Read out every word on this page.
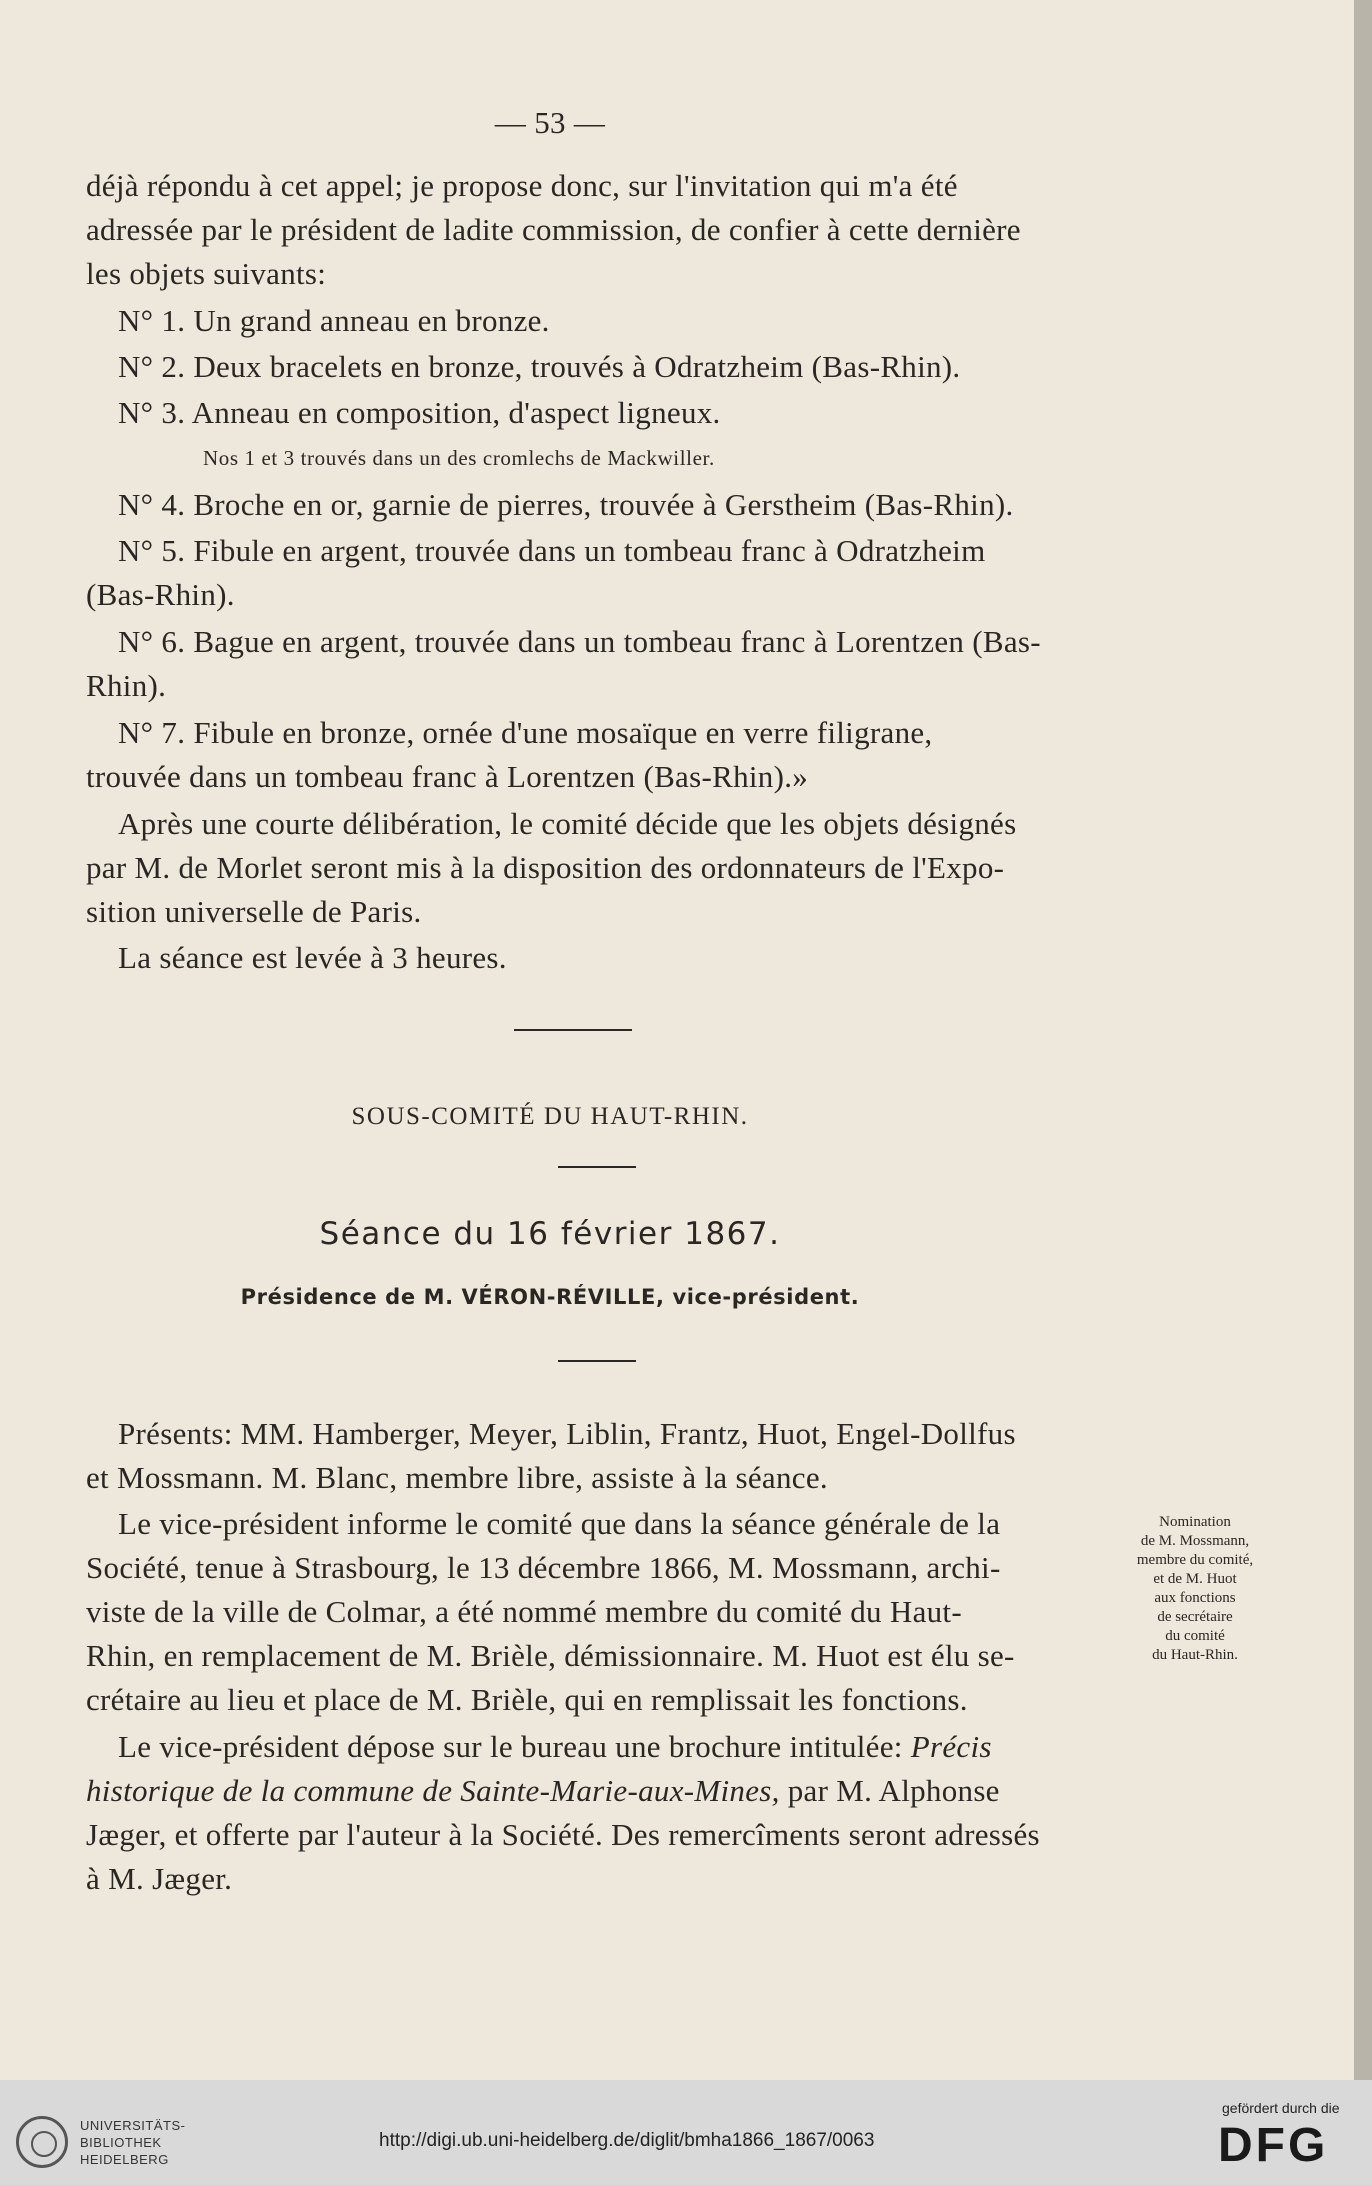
— 53 —
déjà répondu à cet appel; je propose donc, sur l'invitation qui m'a été
adressée par le président de ladite commission, de confier à cette dernière
les objets suivants:
N° 1. Un grand anneau en bronze.
N° 2. Deux bracelets en bronze, trouvés à Odratzheim (Bas-Rhin).
N° 3. Anneau en composition, d'aspect ligneux.
Nos 1 et 3 trouvés dans un des cromlechs de Mackwiller.
N° 4. Broche en or, garnie de pierres, trouvée à Gerstheim (Bas-Rhin).
N° 5. Fibule en argent, trouvée dans un tombeau franc à Odratzheim
(Bas-Rhin).
N° 6. Bague en argent, trouvée dans un tombeau franc à Lorentzen (Bas-
Rhin).
N° 7. Fibule en bronze, ornée d'une mosaïque en verre filigrane,
trouvée dans un tombeau franc à Lorentzen (Bas-Rhin).»
Après une courte délibération, le comité décide que les objets désignés
par M. de Morlet seront mis à la disposition des ordonnateurs de l'Expo-
sition universelle de Paris.
La séance est levée à 3 heures.
SOUS-COMITÉ DU HAUT-RHIN.
Séance du 16 février 1867.
Présidence de M. VÉRON-RÉVILLE, vice-président.
Présents: MM. Hamberger, Meyer, Liblin, Frantz, Huot, Engel-Dollfus
et Mossmann. M. Blanc, membre libre, assiste à la séance.
Le vice-président informe le comité que dans la séance générale de la
Société, tenue à Strasbourg, le 13 décembre 1866, M. Mossmann, archi-
viste de la ville de Colmar, a été nommé membre du comité du Haut-
Rhin, en remplacement de M. Brièle, démissionnaire. M. Huot est élu se-
crétaire au lieu et place de M. Brièle, qui en remplissait les fonctions.
Le vice-président dépose sur le bureau une brochure intitulée: Précis
historique de la commune de Sainte-Marie-aux-Mines, par M. Alphonse
Jæger, et offerte par l'auteur à la Société. Des remercîments seront adressés
à M. Jæger.
Nomination
de M. Mossmann,
membre du comité,
et de M. Huot
aux fonctions
de secrétaire
du comité
du Haut-Rhin.
UNIVERSITÄTS-
BIBLIOTHEK
HEIDELBERG
http://digi.ub.uni-heidelberg.de/diglit/bmha1866_1867/0063
gefördert durch die
DFG
